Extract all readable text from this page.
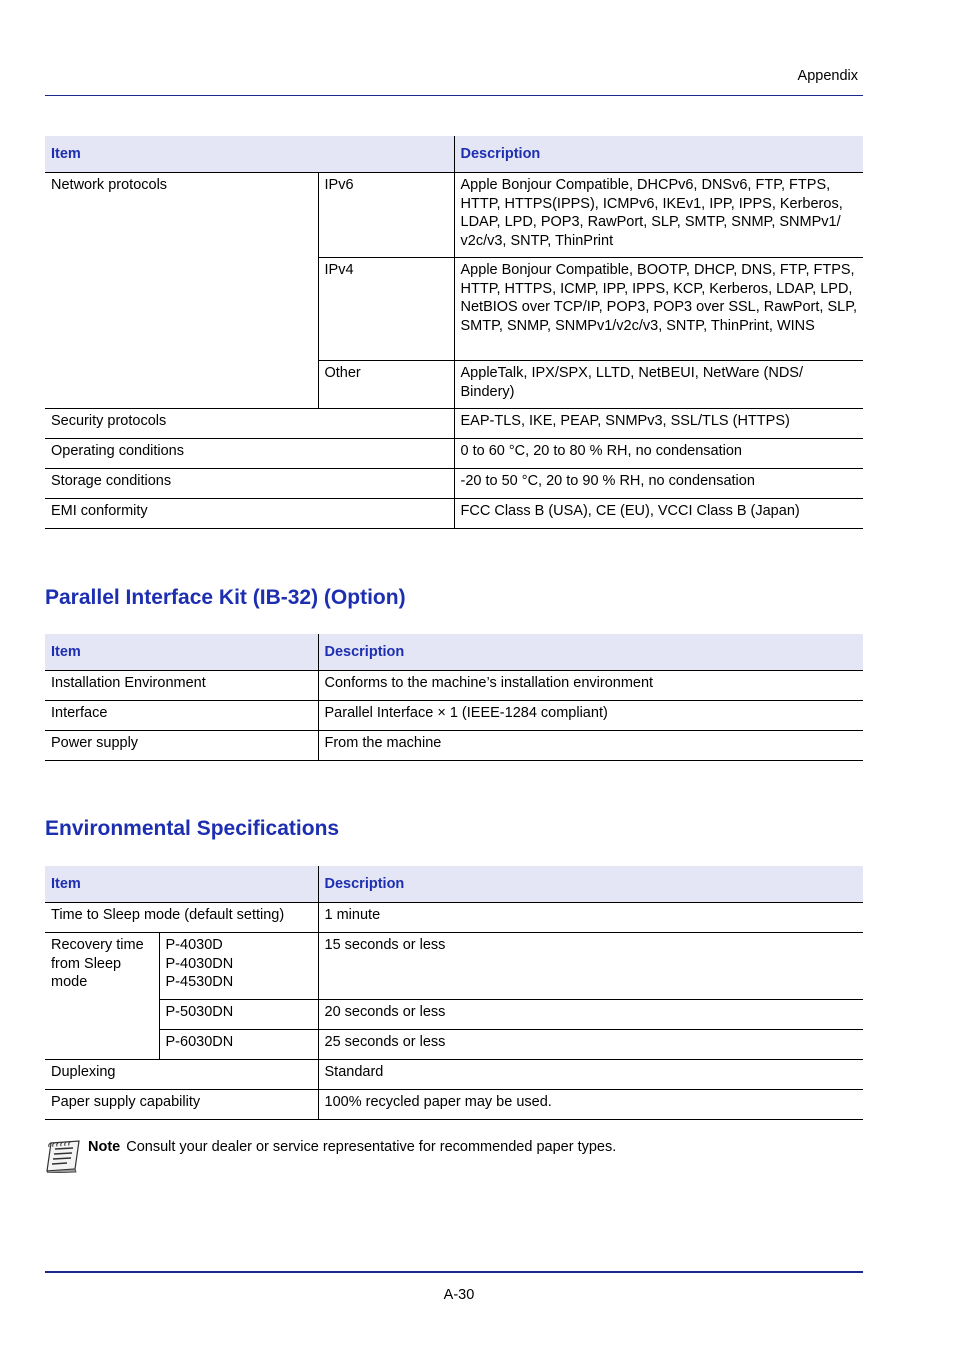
Appendix
Item		Description
Network protocols	IPv6	Apple Bonjour Compatible, DHCPv6, DNSv6, FTP, FTPS, HTTP, HTTPS(IPPS), ICMPv6, IKEv1, IPP, IPPS, Kerberos, LDAP, LPD, POP3, RawPort, SLP, SMTP, SNMP, SNMPv1/ v2c/v3, SNTP, ThinPrint
	IPv4	Apple Bonjour Compatible, BOOTP, DHCP, DNS, FTP, FTPS, HTTP, HTTPS, ICMP, IPP, IPPS, KCP, Kerberos, LDAP, LPD, NetBIOS over TCP/IP, POP3, POP3 over SSL, RawPort, SLP, SMTP, SNMP, SNMPv1/v2c/v3, SNTP, ThinPrint, WINS
	Other	AppleTalk, IPX/SPX, LLTD, NetBEUI, NetWare (NDS/ Bindery)
Security protocols		EAP-TLS, IKE, PEAP, SNMPv3, SSL/TLS (HTTPS)
Operating conditions		0 to 60 °C, 20 to 80 % RH, no condensation
Storage conditions		-20 to 50 °C, 20 to 90 % RH, no condensation
EMI conformity		FCC Class B (USA), CE (EU), VCCI Class B (Japan)
Parallel Interface Kit (IB-32) (Option)
Item	Description
Installation Environment	Conforms to the machine’s installation environment
Interface	Parallel Interface × 1 (IEEE-1284 compliant)
Power supply	From the machine
Environmental Specifications
Item		Description
Time to Sleep mode (default setting)		1 minute
Recovery time from Sleep mode	P-4030D
P-4030DN
P-4530DN	15 seconds or less
	P-5030DN	20 seconds or less
	P-6030DN	25 seconds or less
Duplexing		Standard
Paper supply capability		100% recycled paper may be used.
Note Consult your dealer or service representative for recommended paper types.
A-30
